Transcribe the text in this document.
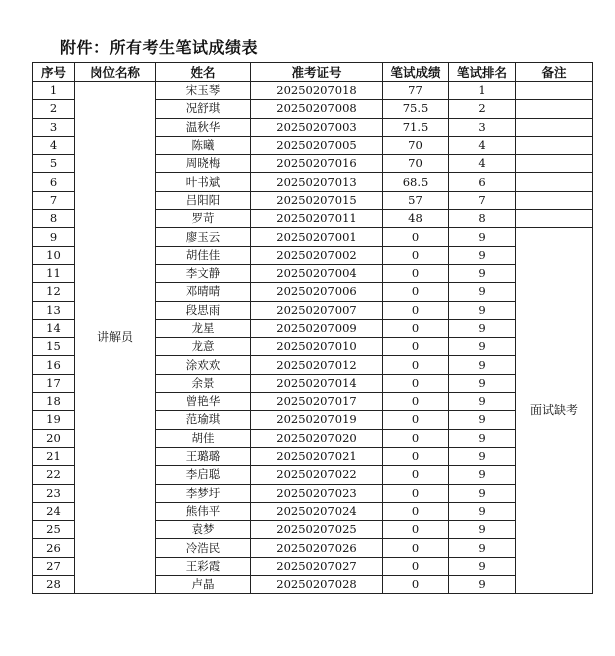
附件：所有考生笔试成绩表
序号	岗位名称	姓名	准考证号	笔试成绩	笔试排名	备注
1	讲解员	宋玉琴	20250207018	77	1	
2		况舒琪	20250207008	75.5	2	
3		温秋华	20250207003	71.5	3	
4		陈曦	20250207005	70	4	
5		周晓梅	20250207016	70	4	
6		叶书斌	20250207013	68.5	6	
7		吕阳阳	20250207015	57	7	
8		罗苛	20250207011	48	8	
9		廖玉云	20250207001	0	9	面试缺考
10		胡佳佳	20250207002	0	9	
11		李文静	20250207004	0	9	
12		邓晴晴	20250207006	0	9	
13		段思雨	20250207007	0	9	
14		龙星	20250207009	0	9	
15		龙意	20250207010	0	9	
16		涂欢欢	20250207012	0	9	
17		余景	20250207014	0	9	
18		曾艳华	20250207017	0	9	
19		范瑜琪	20250207019	0	9	
20		胡佳	20250207020	0	9	
21		王璐璐	20250207021	0	9	
22		李启聪	20250207022	0	9	
23		李梦圩	20250207023	0	9	
24		熊伟平	20250207024	0	9	
25		袁梦	20250207025	0	9	
26		冷浩民	20250207026	0	9	
27		王彩霞	20250207027	0	9	
28		卢晶	20250207028	0	9	
